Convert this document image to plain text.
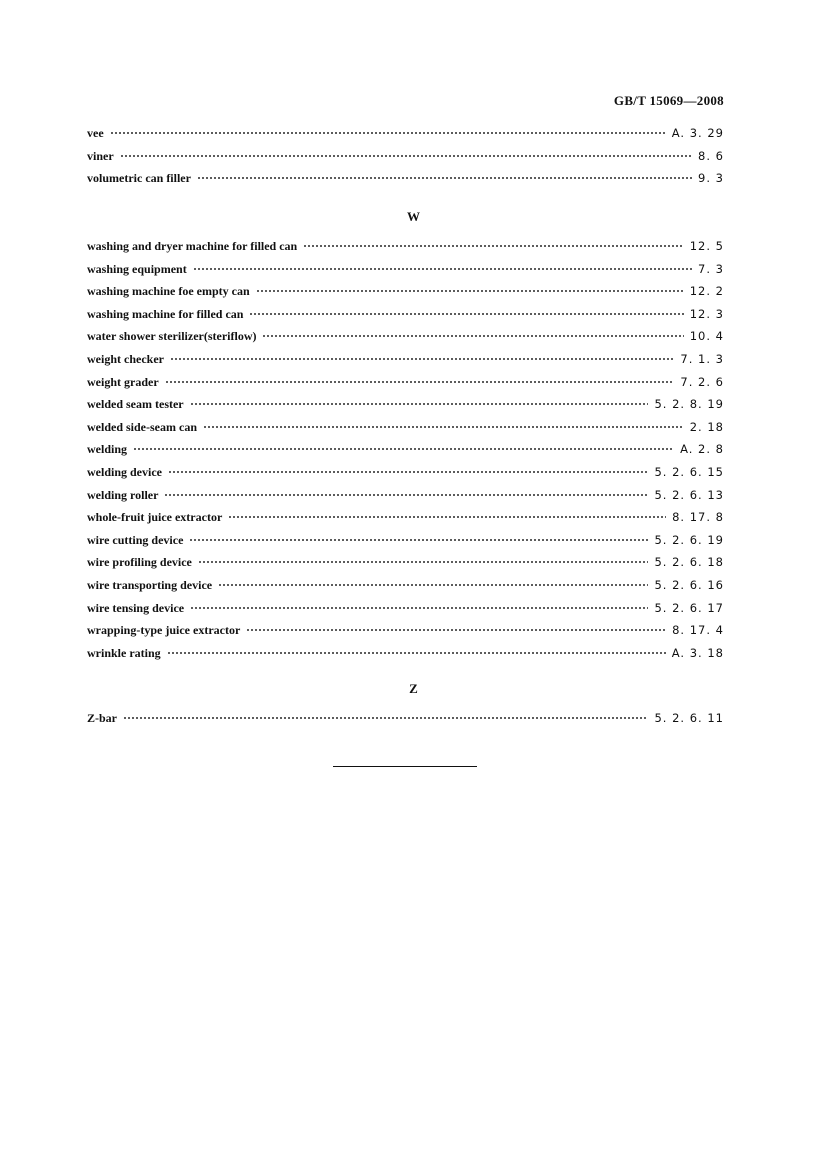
GB/T 15069—2008
vee	A. 3. 29
viner	8. 6
volumetric can filler	9. 3
W
washing and dryer machine for filled can	12. 5
washing equipment	7. 3
washing machine foe empty can	12. 2
washing machine for filled can	12. 3
water shower sterilizer(steriflow)	10. 4
weight checker	7. 1. 3
weight grader	7. 2. 6
welded seam tester	5. 2. 8. 19
welded side-seam can	2. 18
welding	A. 2. 8
welding device	5. 2. 6. 15
welding roller	5. 2. 6. 13
whole-fruit juice extractor	8. 17. 8
wire cutting device	5. 2. 6. 19
wire profiling device	5. 2. 6. 18
wire transporting device	5. 2. 6. 16
wire tensing device	5. 2. 6. 17
wrapping-type juice extractor	8. 17. 4
wrinkle rating	A. 3. 18
Z
Z-bar	5. 2. 6. 11
